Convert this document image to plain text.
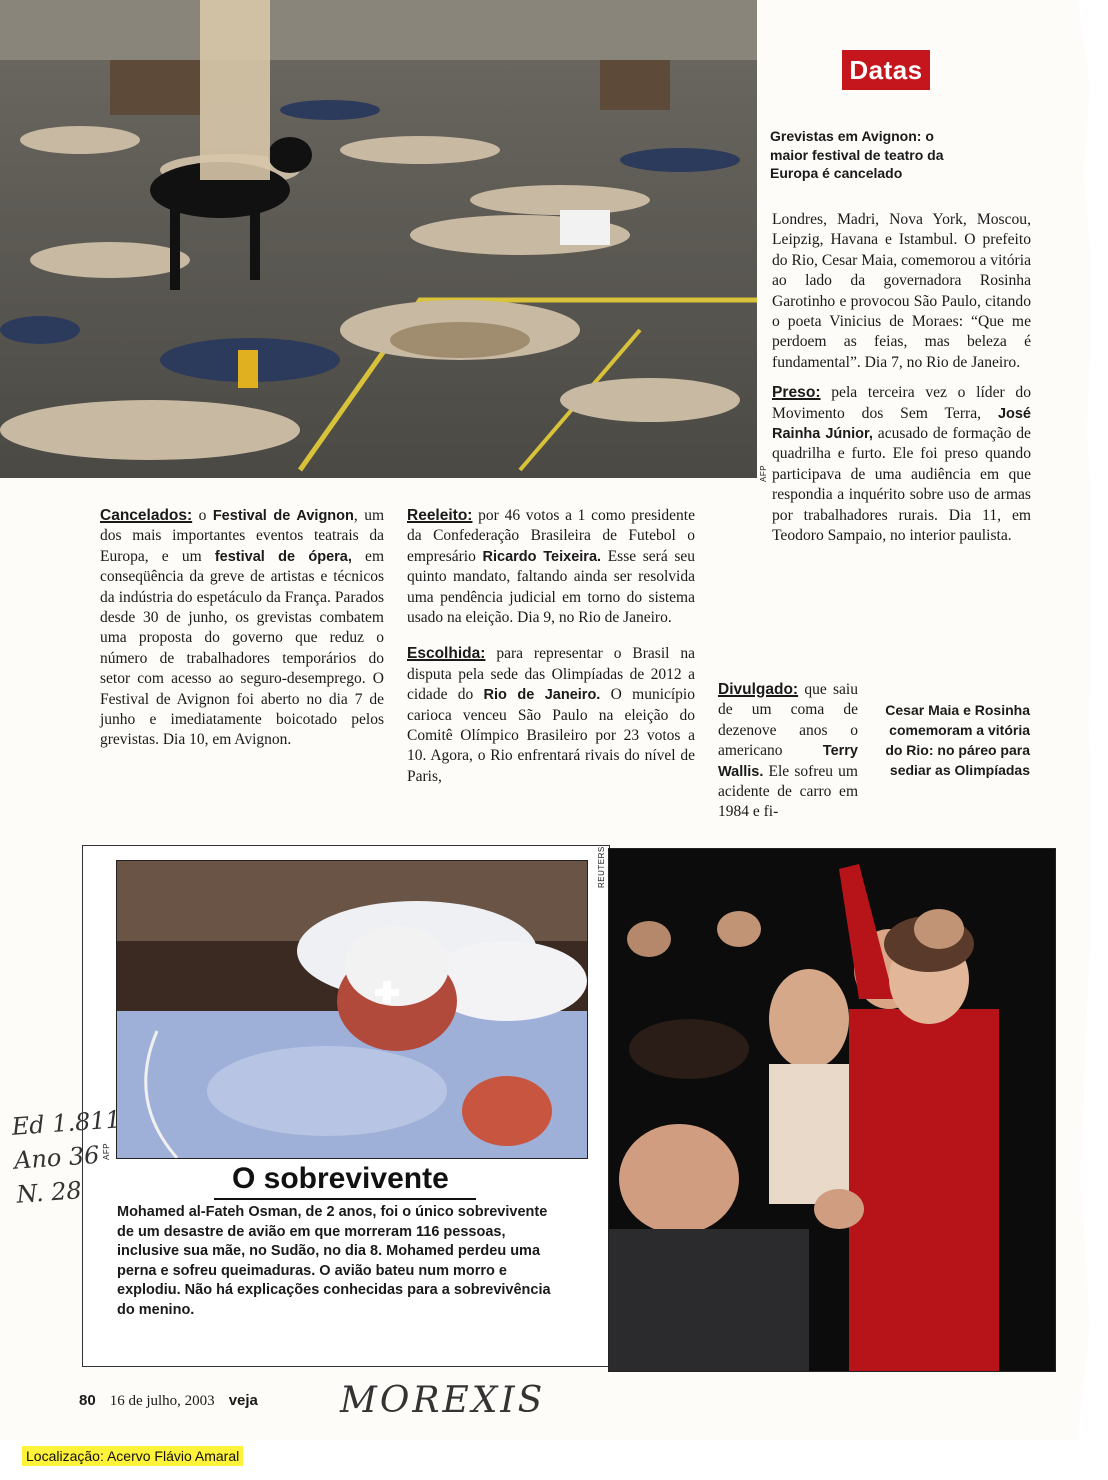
AFP
Datas
Grevistas em Avignon: o maior festival de teatro da Europa é cancelado

Londres, Madri, Nova York, Moscou, Leipzig, Havana e Istambul. O prefeito do Rio, Cesar Maia, comemorou a vitória ao lado da governadora Rosinha Garotinho e provocou São Paulo, citando o poeta Vinicius de Moraes: “Que me perdoem as feias, mas beleza é fundamental”. Dia 7, no Rio de Janeiro.

Preso: pela terceira vez o líder do Movimento dos Sem Terra, José Rainha Júnior, acusado de formação de quadrilha e furto. Ele foi preso quando participava de uma audiência em que respondia a inquérito sobre uso de armas por trabalhadores rurais. Dia 11, em Teodoro Sampaio, no interior paulista.

Cancelados: o Festival de Avignon, um dos mais importantes eventos teatrais da Europa, e um festival de ópera, em conseqüência da greve de artistas e técnicos da indústria do espetáculo da França. Parados desde 30 de junho, os grevistas combatem uma proposta do governo que reduz o número de trabalhadores temporários do setor com acesso ao seguro-desemprego. O Festival de Avignon foi aberto no dia 7 de junho e imediatamente boicotado pelos grevistas. Dia 10, em Avignon.

Reeleito: por 46 votos a 1 como presidente da Confederação Brasileira de Futebol o empresário Ricardo Teixeira. Esse será seu quinto mandato, faltando ainda ser resolvida uma pendência judicial em torno do sistema usado na eleição. Dia 9, no Rio de Janeiro.

Escolhida: para representar o Brasil na disputa pela sede das Olimpíadas de 2012 a cidade do Rio de Janeiro. O município carioca venceu São Paulo na eleição do Comitê Olímpico Brasileiro por 23 votos a 10. Agora, o Rio enfrentará rivais do nível de Paris,

Divulgado: que saiu de um coma de dezenove anos o americano Terry Wallis. Ele sofreu um acidente de carro em 1984 e fi-

Cesar Maia e Rosinha comemoram a vitória do Rio: no páreo para sediar as Olimpíadas
AFP
O sobrevivente
Mohamed al-Fateh Osman, de 2 anos, foi o único sobrevivente de um desastre de avião em que morreram 116 pessoas, inclusive sua mãe, no Sudão, no dia 8. Mohamed perdeu uma perna e sofreu queimaduras. O avião bateu num morro e explodiu. Não há explicações conhecidas para a sobrevivência do menino.
REUTERS
80 16 de julho, 2003 veja
Ed 1.811
Ano 36
N. 28
MOREXIS
Localização: Acervo Flávio Amaral
